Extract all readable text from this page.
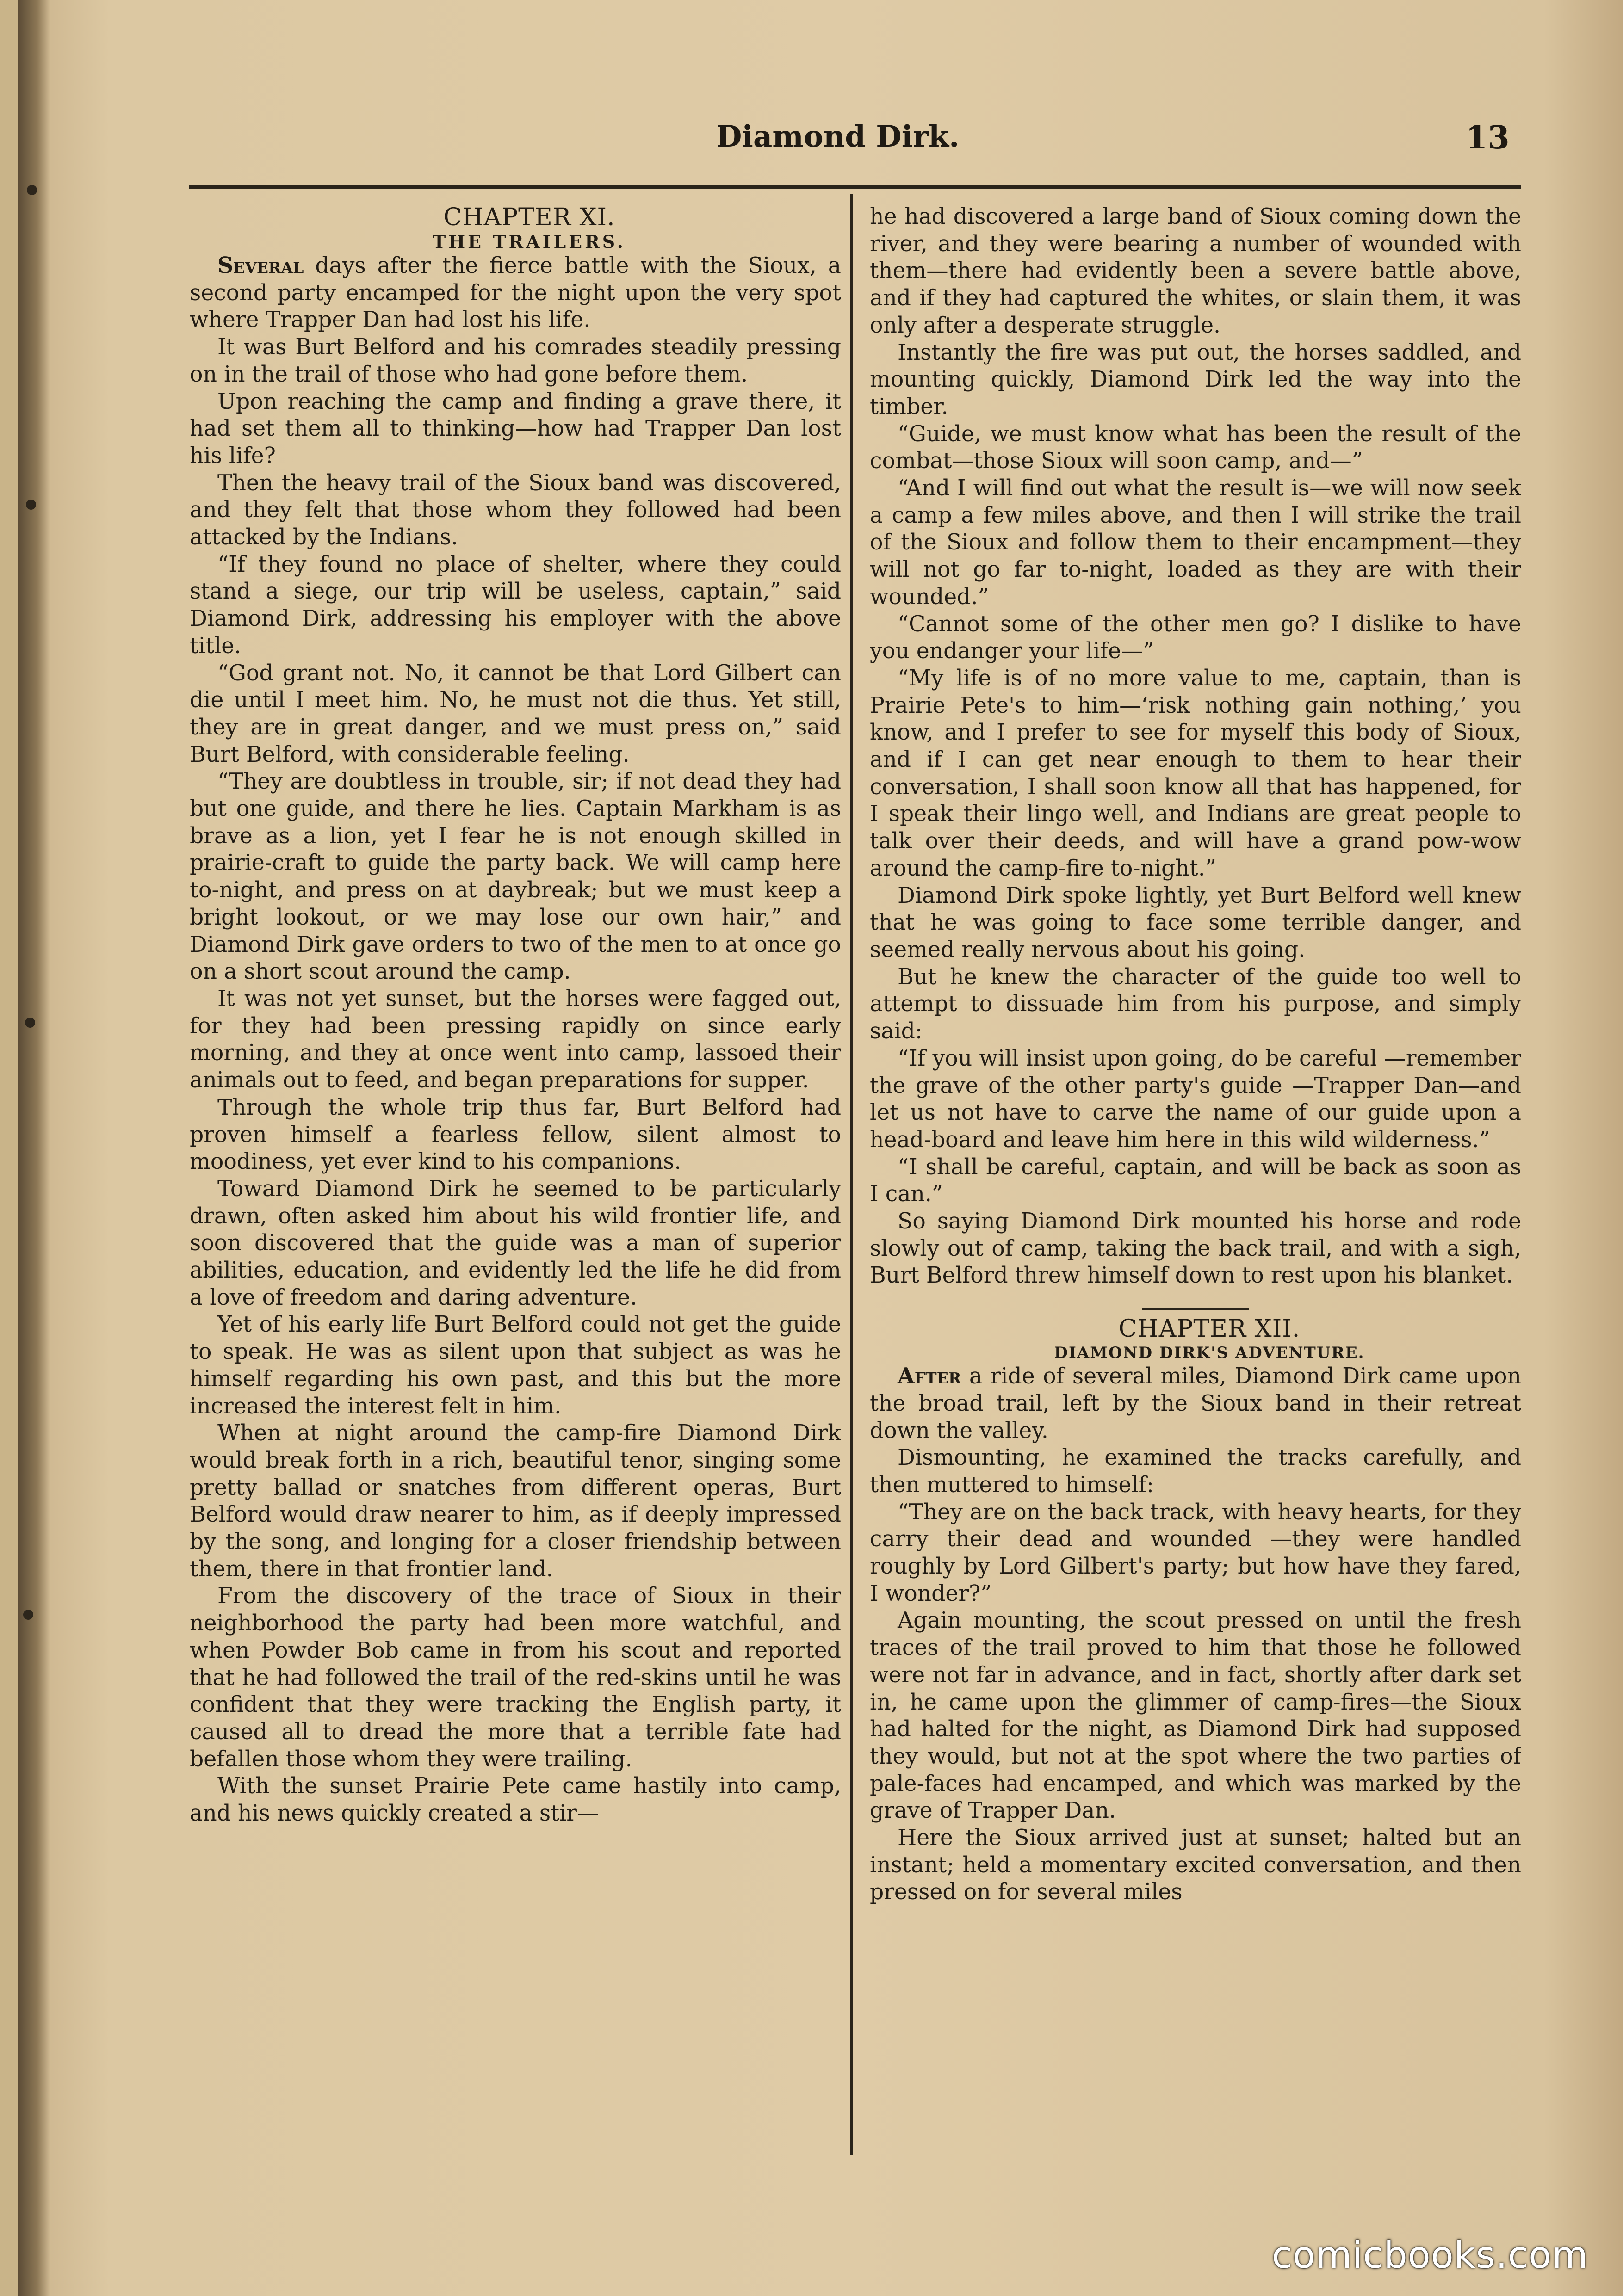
Diamond Dirk.	13

CHAPTER XI.

THE TRAILERS.

Several days after the fierce battle with the Sioux, a second party encamped for the night upon the very spot where Trapper Dan had lost his life.

It was Burt Belford and his comrades steadily pressing on in the trail of those who had gone before them.

Upon reaching the camp and finding a grave there, it had set them all to thinking—how had Trapper Dan lost his life?

Then the heavy trail of the Sioux band was discovered, and they felt that those whom they followed had been attacked by the Indians.

“If they found no place of shelter, where they could stand a siege, our trip will be useless, captain,” said Diamond Dirk, addressing his employer with the above title.

“God grant not. No, it cannot be that Lord Gilbert can die until I meet him. No, he must not die thus. Yet still, they are in great danger, and we must press on,” said Burt Belford, with considerable feeling.

“They are doubtless in trouble, sir; if not dead they had but one guide, and there he lies. Captain Markham is as brave as a lion, yet I fear he is not enough skilled in prairie-craft to guide the party back. We will camp here to-night, and press on at daybreak; but we must keep a bright lookout, or we may lose our own hair,” and Diamond Dirk gave orders to two of the men to at once go on a short scout around the camp.

It was not yet sunset, but the horses were fagged out, for they had been pressing rapidly on since early morning, and they at once went into camp, lassoed their animals out to feed, and began preparations for supper.

Through the whole trip thus far, Burt Belford had proven himself a fearless fellow, silent almost to moodiness, yet ever kind to his companions.

Toward Diamond Dirk he seemed to be particularly drawn, often asked him about his wild frontier life, and soon discovered that the guide was a man of superior abilities, education, and evidently led the life he did from a love of freedom and daring adventure.

Yet of his early life Burt Belford could not get the guide to speak. He was as silent upon that subject as was he himself regarding his own past, and this but the more increased the interest felt in him.

When at night around the camp-fire Diamond Dirk would break forth in a rich, beautiful tenor, singing some pretty ballad or snatches from different operas, Burt Belford would draw nearer to him, as if deeply impressed by the song, and longing for a closer friendship between them, there in that frontier land.

From the discovery of the trace of Sioux in their neighborhood the party had been more watchful, and when Powder Bob came in from his scout and reported that he had followed the trail of the red-skins until he was confident that they were tracking the English party, it caused all to dread the more that a terrible fate had befallen those whom they were trailing.

With the sunset Prairie Pete came hastily into camp, and his news quickly created a stir—

he had discovered a large band of Sioux coming down the river, and they were bearing a number of wounded with them—there had evidently been a severe battle above, and if they had captured the whites, or slain them, it was only after a desperate struggle.

Instantly the fire was put out, the horses saddled, and mounting quickly, Diamond Dirk led the way into the timber.

“Guide, we must know what has been the result of the combat—those Sioux will soon camp, and—”

“And I will find out what the result is—we will now seek a camp a few miles above, and then I will strike the trail of the Sioux and follow them to their encampment—they will not go far to-night, loaded as they are with their wounded.”

“Cannot some of the other men go? I dislike to have you endanger your life—”

“My life is of no more value to me, captain, than is Prairie Pete's to him—‘risk nothing gain nothing,’ you know, and I prefer to see for myself this body of Sioux, and if I can get near enough to them to hear their conversation, I shall soon know all that has happened, for I speak their lingo well, and Indians are great people to talk over their deeds, and will have a grand pow-wow around the camp-fire to-night.”

Diamond Dirk spoke lightly, yet Burt Belford well knew that he was going to face some terrible danger, and seemed really nervous about his going.

But he knew the character of the guide too well to attempt to dissuade him from his purpose, and simply said:

“If you will insist upon going, do be careful —remember the grave of the other party's guide —Trapper Dan—and let us not have to carve the name of our guide upon a head-board and leave him here in this wild wilderness.”

“I shall be careful, captain, and will be back as soon as I can.”

So saying Diamond Dirk mounted his horse and rode slowly out of camp, taking the back trail, and with a sigh, Burt Belford threw himself down to rest upon his blanket.

CHAPTER XII.

DIAMOND DIRK'S ADVENTURE.

After a ride of several miles, Diamond Dirk came upon the broad trail, left by the Sioux band in their retreat down the valley.

Dismounting, he examined the tracks carefully, and then muttered to himself:

“They are on the back track, with heavy hearts, for they carry their dead and wounded —they were handled roughly by Lord Gilbert's party; but how have they fared, I wonder?”

Again mounting, the scout pressed on until the fresh traces of the trail proved to him that those he followed were not far in advance, and in fact, shortly after dark set in, he came upon the glimmer of camp-fires—the Sioux had halted for the night, as Diamond Dirk had supposed they would, but not at the spot where the two parties of pale-faces had encamped, and which was marked by the grave of Trapper Dan.

Here the Sioux arrived just at sunset; halted but an instant; held a momentary excited conversation, and then pressed on for several miles

comicbooks.com
